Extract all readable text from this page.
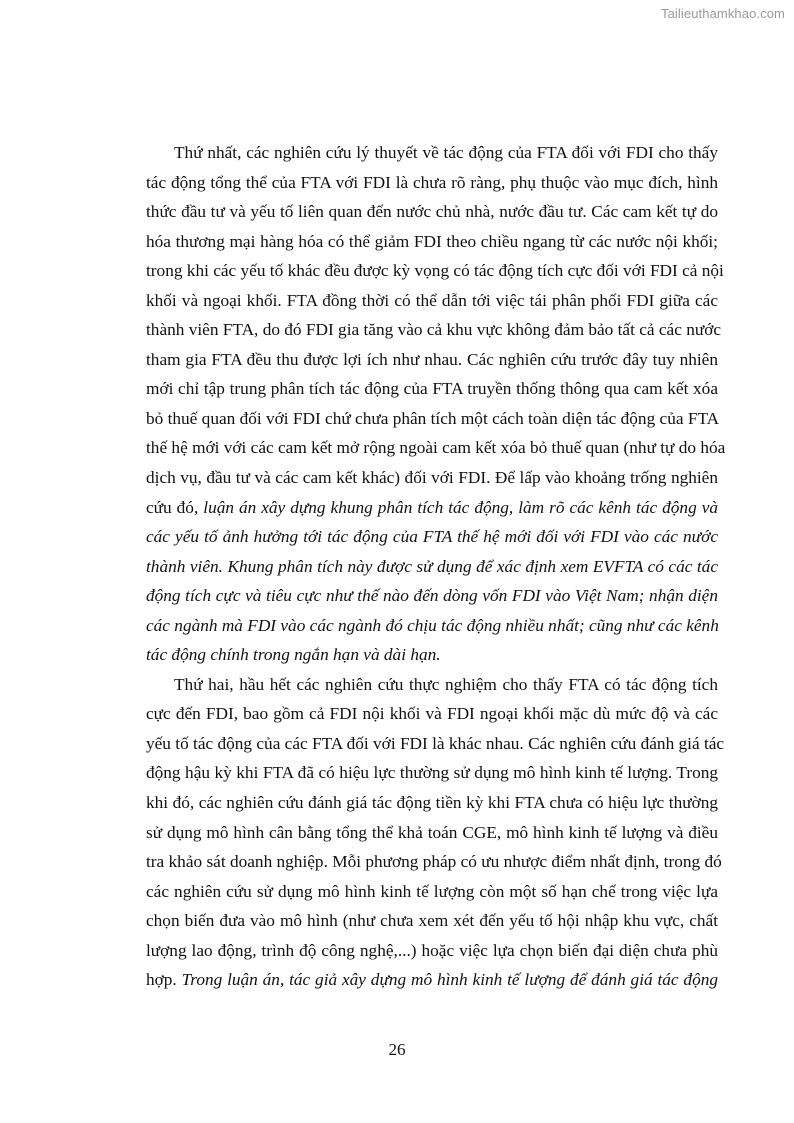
Tailieuthamkhao.com
Thứ nhất, các nghiên cứu lý thuyết về tác động của FTA đối với FDI cho thấy
tác động tổng thể của FTA với FDI là chưa rõ ràng, phụ thuộc vào mục đích, hình
thức đầu tư và yếu tố liên quan đến nước chủ nhà, nước đầu tư. Các cam kết tự do
hóa thương mại hàng hóa có thể giảm FDI theo chiều ngang từ các nước nội khối;
trong khi các yếu tố khác đều được kỳ vọng có tác động tích cực đối với FDI cả nội
khối và ngoại khối. FTA đồng thời có thể dẫn tới việc tái phân phối FDI giữa các
thành viên FTA, do đó FDI gia tăng vào cả khu vực không đảm bảo tất cả các nước
tham gia FTA đều thu được lợi ích như nhau. Các nghiên cứu trước đây tuy nhiên
mới chỉ tập trung phân tích tác động của FTA truyền thống thông qua cam kết xóa
bỏ thuế quan đối với FDI chứ chưa phân tích một cách toàn diện tác động của FTA
thế hệ mới với các cam kết mở rộng ngoài cam kết xóa bỏ thuế quan (như tự do hóa
dịch vụ, đầu tư và các cam kết khác) đối với FDI. Để lấp vào khoảng trống nghiên
cứu đó, luận án xây dựng khung phân tích tác động, làm rõ các kênh tác động và
các yếu tố ảnh hưởng tới tác động của FTA thế hệ mới đối với FDI vào các nước
thành viên. Khung phân tích này được sử dụng để xác định xem EVFTA có các tác
động tích cực và tiêu cực như thế nào đến dòng vốn FDI vào Việt Nam; nhận diện
các ngành mà FDI vào các ngành đó chịu tác động nhiều nhất; cũng như các kênh
tác động chính trong ngắn hạn và dài hạn.
Thứ hai, hầu hết các nghiên cứu thực nghiệm cho thấy FTA có tác động tích
cực đến FDI, bao gồm cả FDI nội khối và FDI ngoại khối mặc dù mức độ và các
yếu tố tác động của các FTA đối với FDI là khác nhau. Các nghiên cứu đánh giá tác
động hậu kỳ khi FTA đã có hiệu lực thường sử dụng mô hình kinh tế lượng. Trong
khi đó, các nghiên cứu đánh giá tác động tiền kỳ khi FTA chưa có hiệu lực thường
sử dụng mô hình cân bằng tổng thể khả toán CGE, mô hình kinh tế lượng và điều
tra khảo sát doanh nghiệp. Mỗi phương pháp có ưu nhược điểm nhất định, trong đó
các nghiên cứu sử dụng mô hình kinh tế lượng còn một số hạn chế trong việc lựa
chọn biến đưa vào mô hình (như chưa xem xét đến yếu tố hội nhập khu vực, chất
lượng lao động, trình độ công nghệ,...) hoặc việc lựa chọn biến đại diện chưa phù
hợp. Trong luận án, tác giả xây dựng mô hình kinh tế lượng để đánh giá tác động
26
